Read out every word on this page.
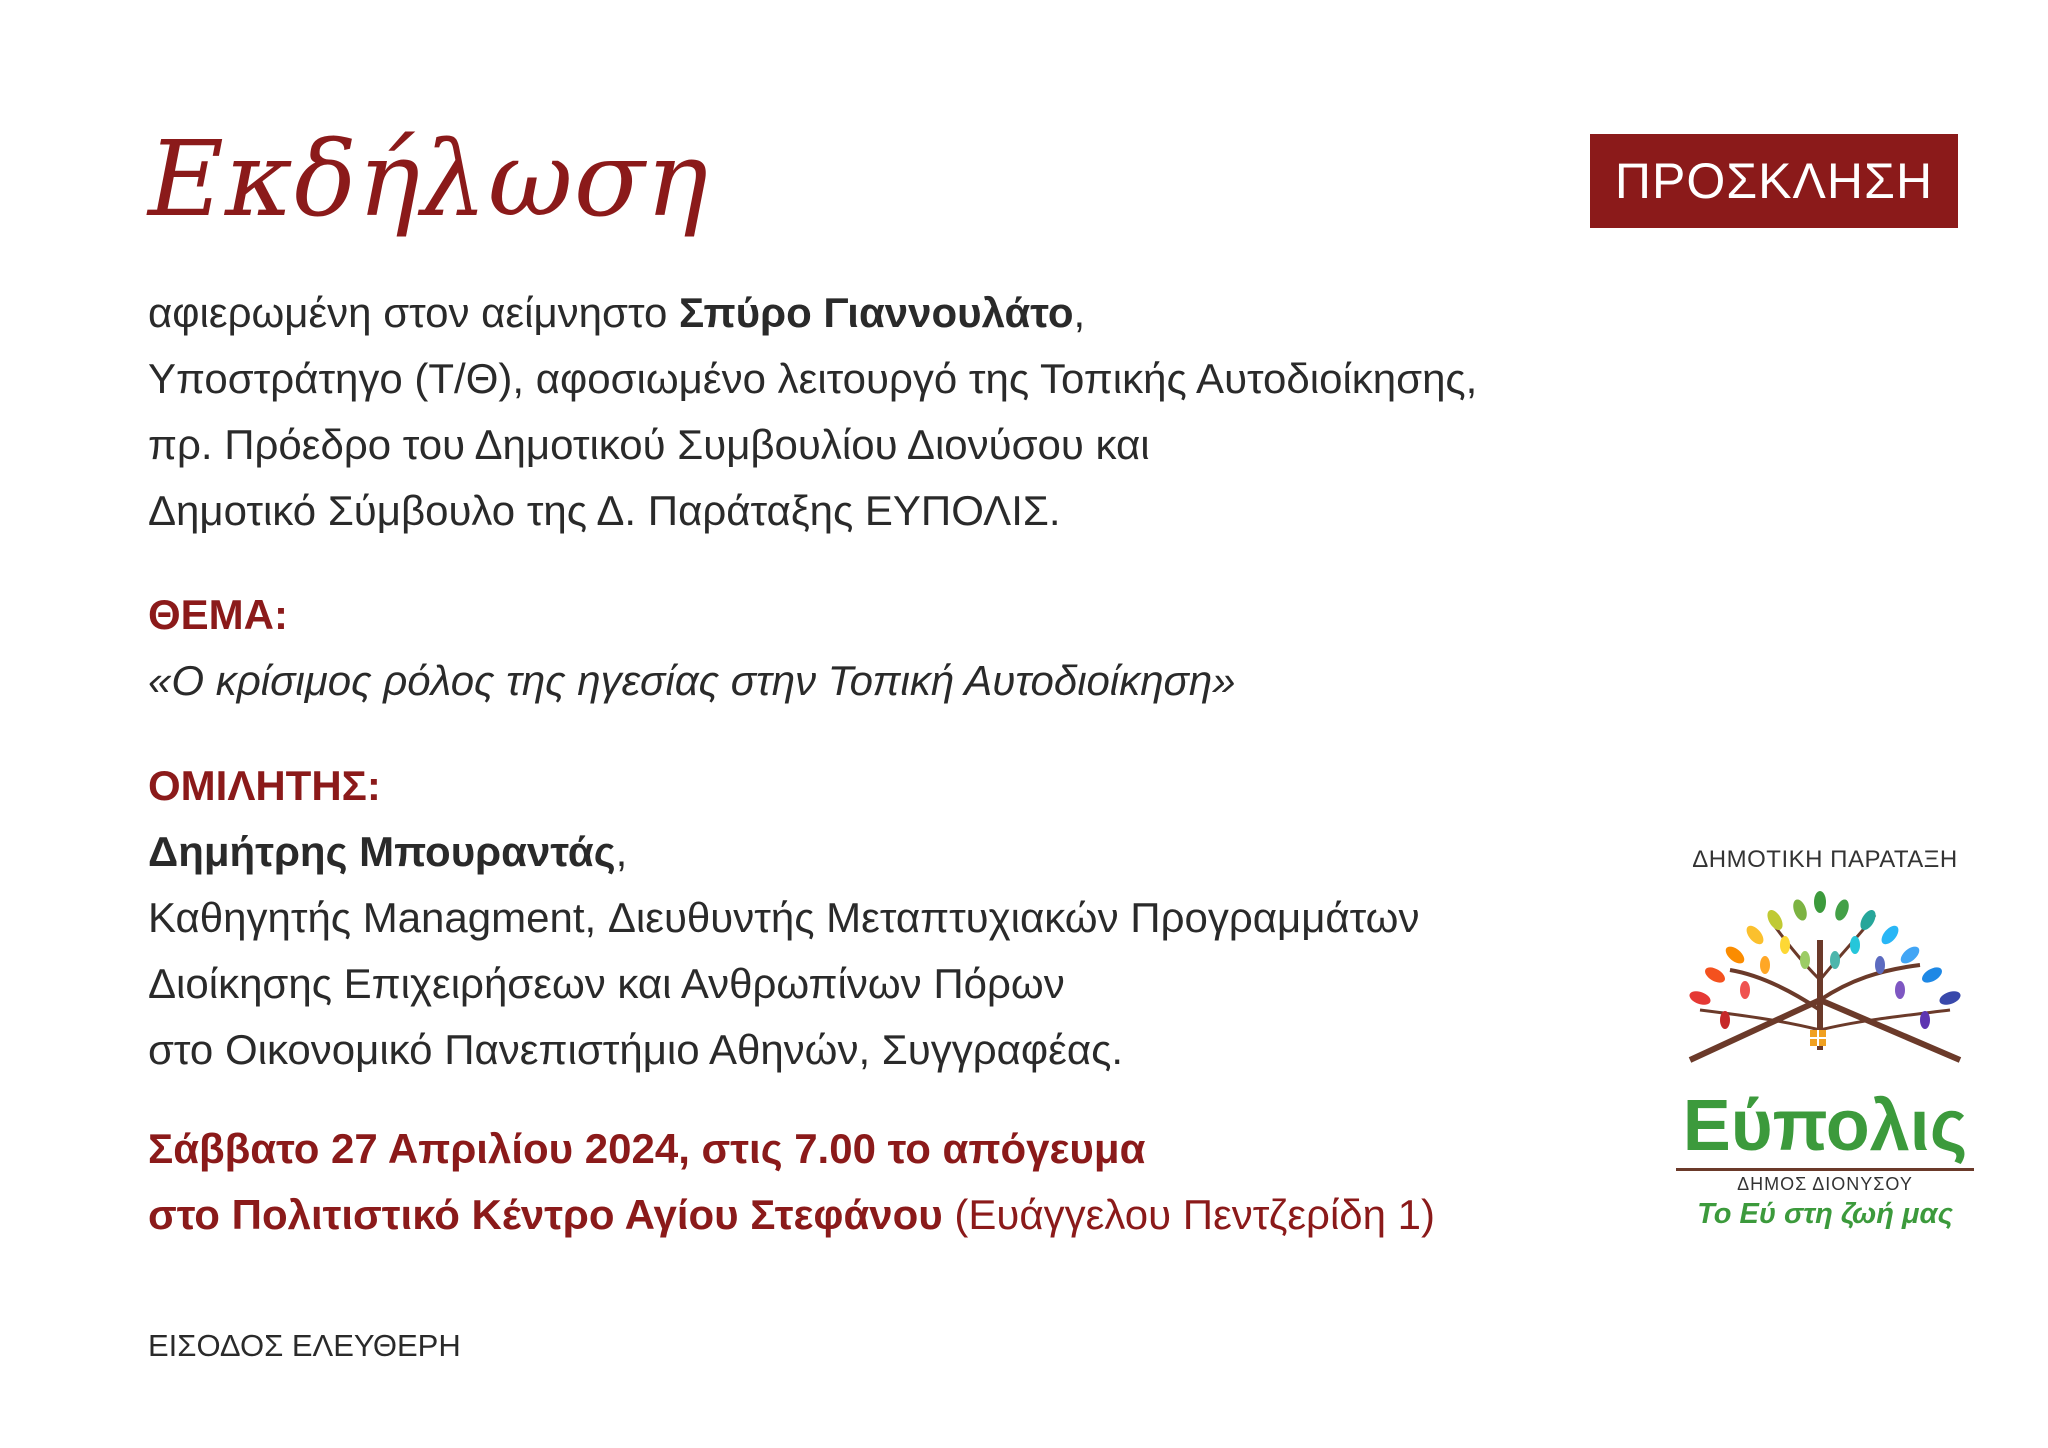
Εκδήλωση	ΠΡΟΣΚΛΗΣΗ
αφιερωμένη στον αείμνηστο Σπύρο Γιαννουλάτο,
Υποστράτηγο (Τ/Θ), αφοσιωμένο λειτουργό της Τοπικής Αυτοδιοίκησης,
πρ. Πρόεδρο του Δημοτικού Συμβουλίου Διονύσου και
Δημοτικό Σύμβουλο της Δ. Παράταξης ΕΥΠΟΛΙΣ.
ΘΕΜΑ:
«Ο κρίσιμος ρόλος της ηγεσίας στην Τοπική Αυτοδιοίκηση»
ΟΜΙΛΗΤΗΣ:
Δημήτρης Μπουραντάς,
Καθηγητής Managment, Διευθυντής Μεταπτυχιακών Προγραμμάτων
Διοίκησης Επιχειρήσεων και Ανθρωπίνων Πόρων
στο Οικονομικό Πανεπιστήμιο Αθηνών, Συγγραφέας.
Σάββατο 27 Απριλίου 2024, στις 7.00 το απόγευμα
στο Πολιτιστικό Κέντρο Αγίου Στεφάνου (Ευάγγελου Πεντζερίδη 1)
ΕΙΣΟΔΟΣ ΕΛΕΥΘΕΡΗ
ΔΗΜΟΤΙΚΗ ΠΑΡΑΤΑΞΗ
Εύπολις
ΔΗΜΟΣ ΔΙΟΝΥΣΟΥ
Το Εύ στη ζωή μας
